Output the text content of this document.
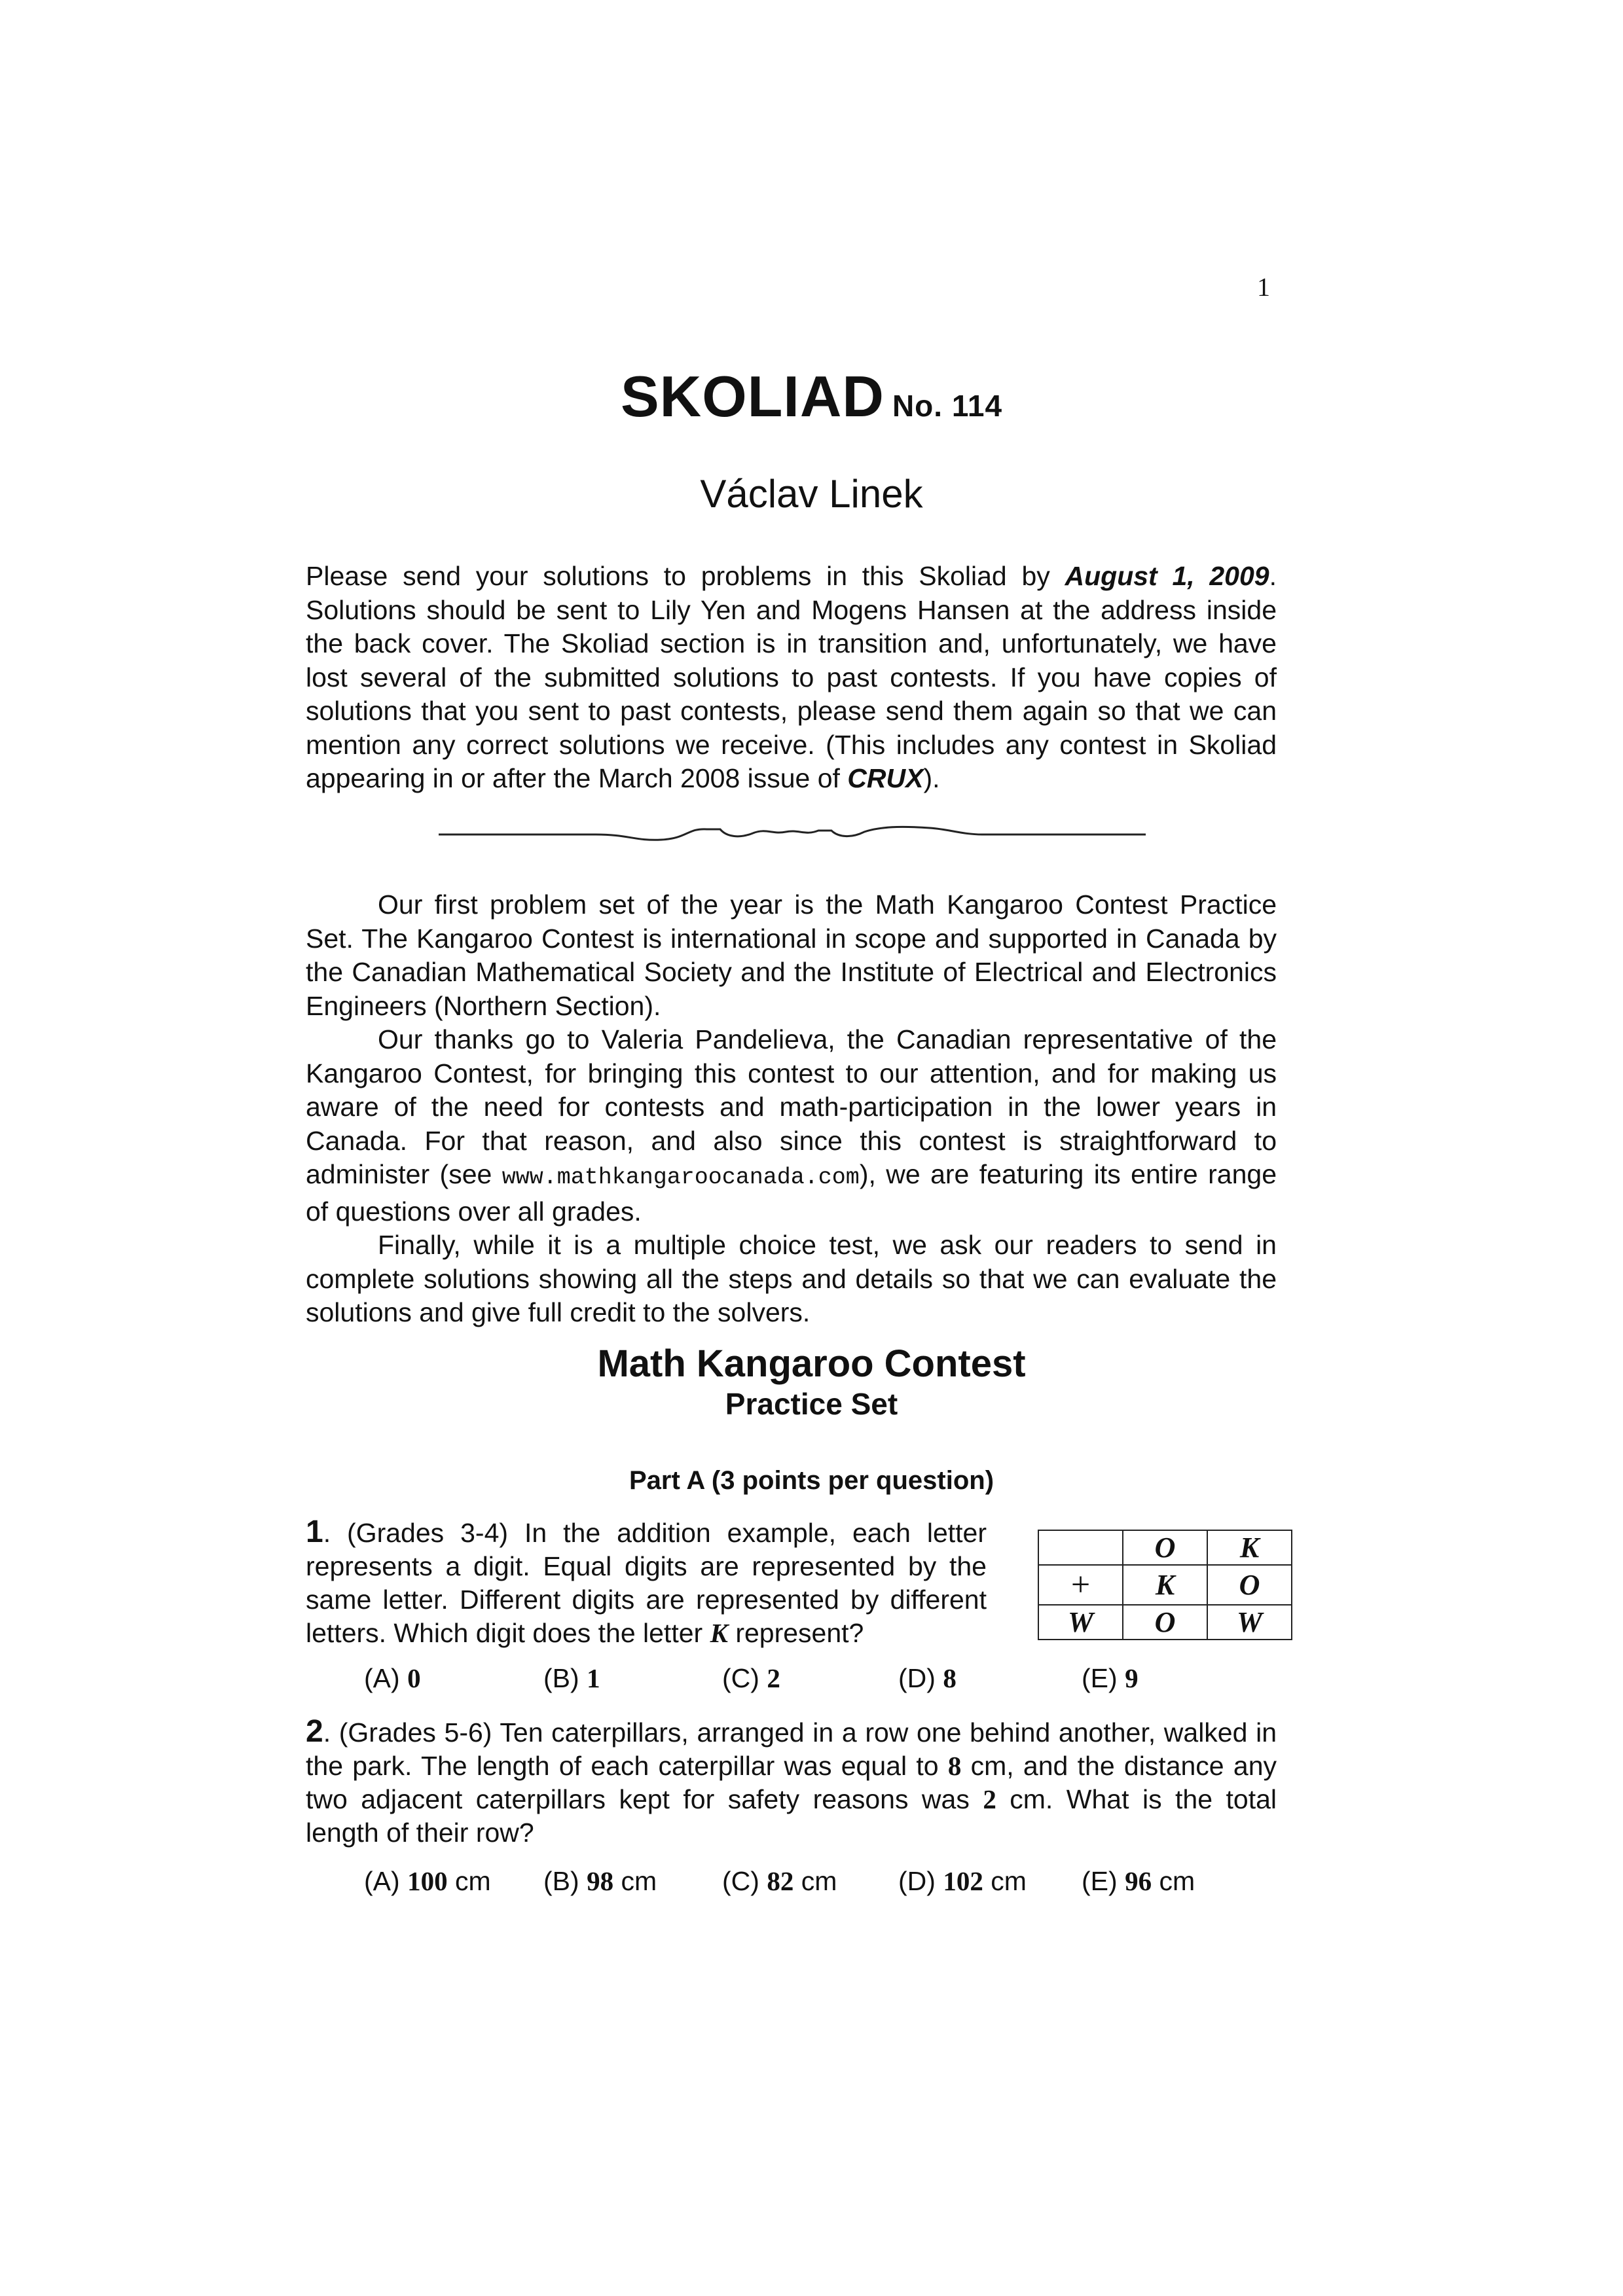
1
SKOLIAD No. 114
Václav Linek
Please send your solutions to problems in this Skoliad by August 1, 2009. Solutions should be sent to Lily Yen and Mogens Hansen at the address inside the back cover. The Skoliad section is in transition and, unfortunately, we have lost several of the submitted solutions to past contests. If you have copies of solutions that you sent to past contests, please send them again so that we can mention any correct solutions we receive. (This includes any contest in Skoliad appearing in or after the March 2008 issue of CRUX).

Our first problem set of the year is the Math Kangaroo Contest Practice Set. The Kangaroo Contest is international in scope and supported in Canada by the Canadian Mathematical Society and the Institute of Electrical and Electronics Engineers (Northern Section).

Our thanks go to Valeria Pandelieva, the Canadian representative of the Kangaroo Contest, for bringing this contest to our attention, and for making us aware of the need for contests and math-participation in the lower years in Canada. For that reason, and also since this contest is straightforward to administer (see www.mathkangaroocanada.com), we are featuring its entire range of questions over all grades.

Finally, while it is a multiple choice test, we ask our readers to send in complete solutions showing all the steps and details so that we can evaluate the solutions and give full credit to the solvers.

Math Kangaroo Contest
Practice Set
Part A (3 points per question)
1. (Grades 3-4) In the addition example, each letter represents a digit. Equal digits are represented by the same letter. Different digits are represented by different letters. Which digit does the letter K represent?
	O	K
+	K	O
W	O	W
(A) 0	(B) 1	(C) 2	(D) 8	(E) 9
2. (Grades 5-6) Ten caterpillars, arranged in a row one behind another, walked in the park. The length of each caterpillar was equal to 8 cm, and the distance any two adjacent caterpillars kept for safety reasons was 2 cm. What is the total length of their row?
(A) 100 cm (B) 98 cm (C) 82 cm (D) 102 cm (E) 96 cm
